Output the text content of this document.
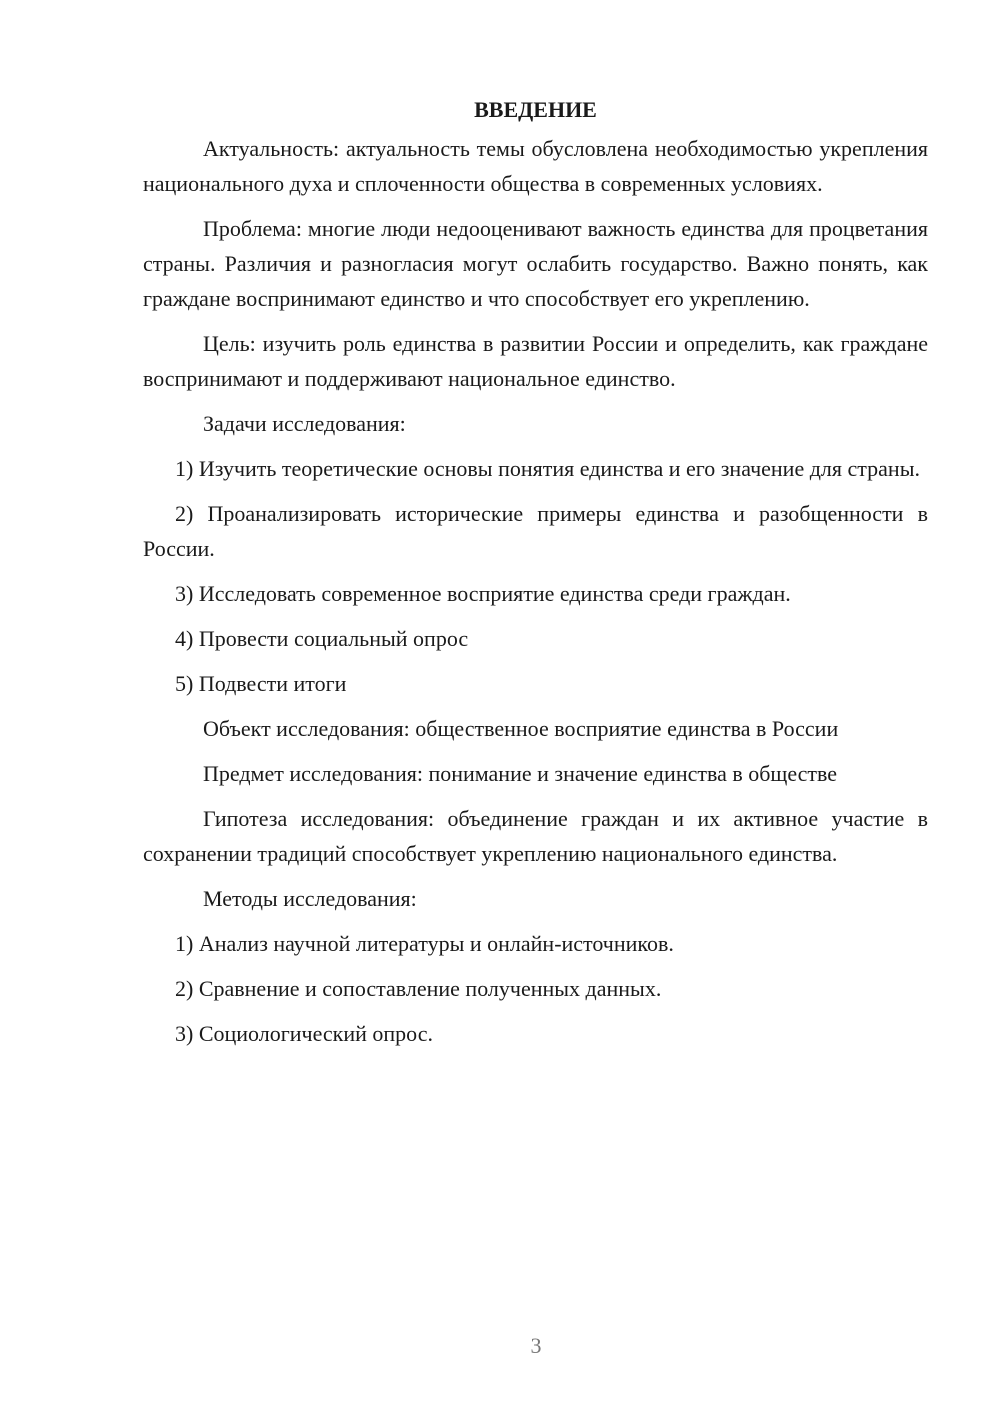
ВВЕДЕНИЕ

Актуальность: актуальность темы обусловлена необходимостью укрепления национального духа и сплоченности общества в современных условиях.

Проблема: многие люди недооценивают важность единства для процветания страны. Различия и разногласия могут ослабить государство. Важно понять, как граждане воспринимают единство и что способствует его укреплению.

Цель: изучить роль единства в развитии России и определить, как граждане воспринимают и поддерживают национальное единство.

Задачи исследования:

1) Изучить теоретические основы понятия единства и его значение для страны.

2) Проанализировать исторические примеры единства и разобщенности в России.

3) Исследовать современное восприятие единства среди граждан.

4) Провести социальный опрос

5) Подвести итоги

Объект исследования: общественное восприятие единства в России

Предмет исследования: понимание и значение единства в обществе

Гипотеза исследования: объединение граждан и их активное участие в сохранении традиций способствует укреплению национального единства.

Методы исследования:

1) Анализ научной литературы и онлайн-источников.

2) Сравнение и сопоставление полученных данных.

3) Социологический опрос.

3
